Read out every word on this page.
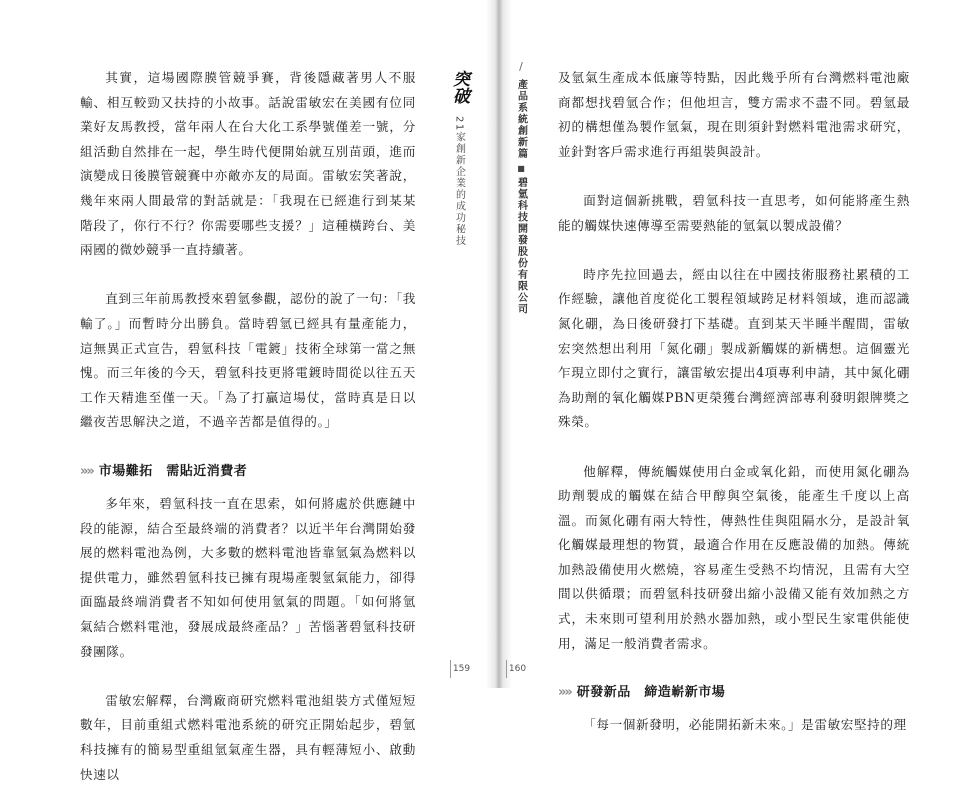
其實，這場國際膜管競爭賽，背後隱藏著男人不服輸、相互較勁又扶持的小故事。話說雷敏宏在美國有位同業好友馬教授，當年兩人在台大化工系學號僅差一號，分組活動自然排在一起，學生時代便開始就互別苗頭，進而演變成日後膜管競賽中亦敵亦友的局面。雷敏宏笑著說，幾年來兩人間最常的對話就是：「我現在已經進行到某某階段了，你行不行？你需要哪些支援？」這種橫跨台、美兩國的微妙競爭一直持續著。

直到三年前馬教授來碧氫參觀，認份的說了一句：「我輸了。」而暫時分出勝負。當時碧氫已經具有量產能力，這無異正式宣告，碧氫科技「電鍍」技術全球第一當之無愧。而三年後的今天，碧氫科技更將電鍍時間從以往五天工作天精進至僅一天。「為了打贏這場仗，當時真是日以繼夜苦思解決之道，不過辛苦都是值得的。」

»» 市場難拓　需貼近消費者

多年來，碧氫科技一直在思索，如何將處於供應鏈中段的能源，結合至最終端的消費者？以近半年台灣開始發展的燃料電池為例，大多數的燃料電池皆靠氫氣為燃料以提供電力，雖然碧氫科技已擁有現場產製氫氣能力，卻得面臨最終端消費者不知如何使用氫氣的問題。「如何將氫氣結合燃料電池，發展成最終產品？」苦惱著碧氫科技研發團隊。

雷敏宏解釋，台灣廠商研究燃料電池組裝方式僅短短數年，目前重組式燃料電池系統的研究正開始起步，碧氫科技擁有的簡易型重組氫氣產生器，具有輕薄短小、啟動快速以

突破
21家創新企業的成功秘技
159

及氫氣生產成本低廉等特點，因此幾乎所有台灣燃料電池廠商都想找碧氫合作；但他坦言，雙方需求不盡不同。碧氫最初的構想僅為製作氫氣，現在則須針對燃料電池需求研究，並針對客戶需求進行再組裝與設計。

面對這個新挑戰，碧氫科技一直思考，如何能將產生熱能的觸媒快速傳導至需要熱能的氫氣以製成設備？

時序先拉回過去，經由以往在中國技術服務社累積的工作經驗，讓他首度從化工製程領域跨足材料領域，進而認識氮化硼，為日後研發打下基礎。直到某天半睡半醒間，雷敏宏突然想出利用「氮化硼」製成新觸媒的新構想。這個靈光乍現立即付之實行，讓雷敏宏提出4項專利申請，其中氮化硼為助劑的氧化觸媒PBN更榮獲台灣經濟部專利發明銀牌獎之殊榮。

他解釋，傳統觸媒使用白金或氧化鉛，而使用氮化硼為助劑製成的觸媒在結合甲醇與空氣後，能產生千度以上高溫。而氮化硼有兩大特性，傳熱性佳與阻隔水分，是設計氧化觸媒最理想的物質，最適合作用在反應設備的加熱。傳統加熱設備使用火燃燒，容易產生受熱不均情況，且需有大空間以供循環；而碧氫科技研發出縮小設備又能有效加熱之方式，未來則可望利用於熱水器加熱，或小型民生家電供能使用，滿足一般消費者需求。

»» 研發新品　締造嶄新市場

「每一個新發明，必能開拓新未來。」是雷敏宏堅持的理

160
/
產品系統創新篇
■
碧氫科技開發股份有限公司
